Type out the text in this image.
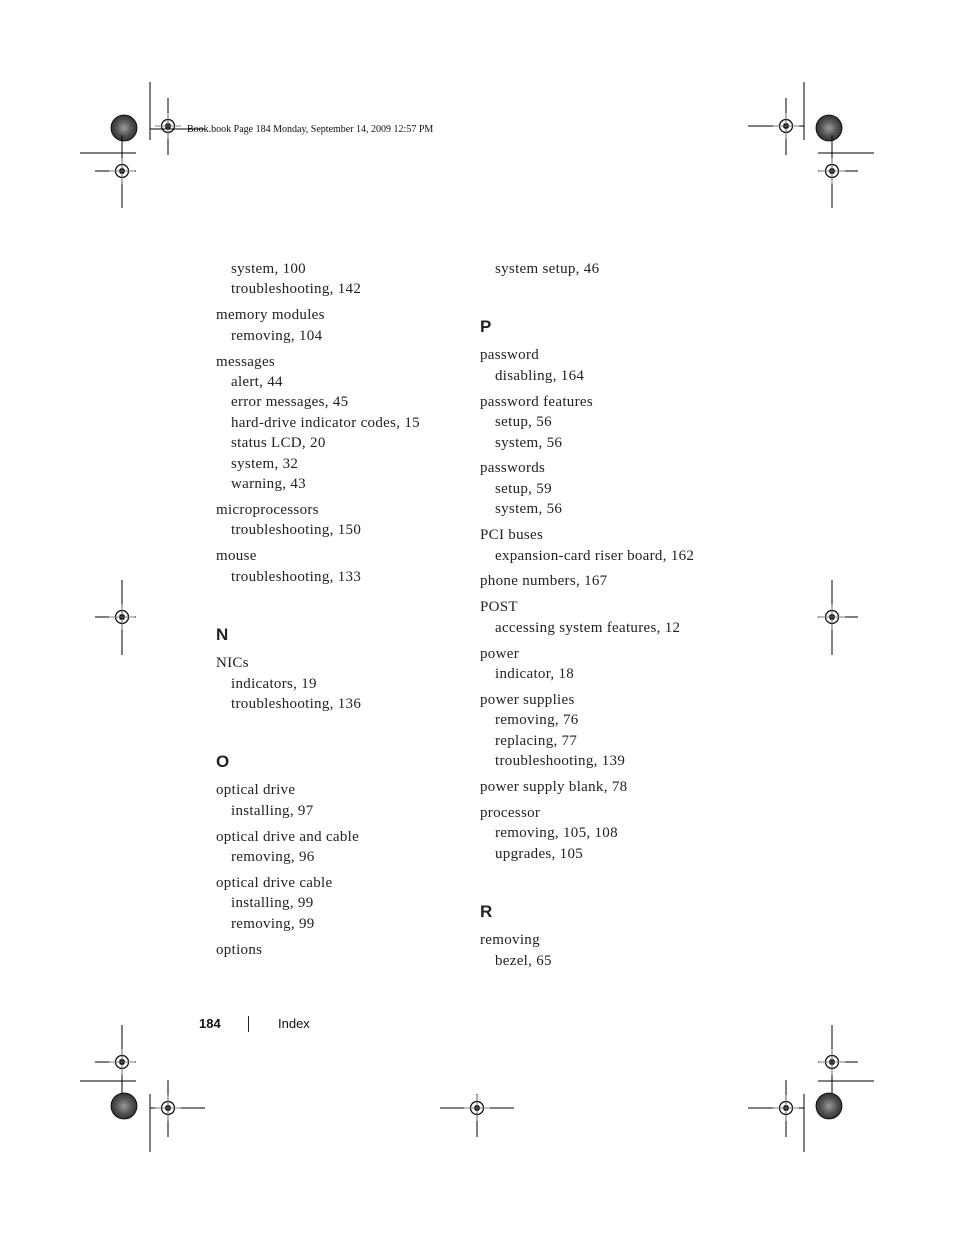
Book.book Page 184 Monday, September 14, 2009 12:57 PM
system, 100
troubleshooting, 142
memory modules
removing, 104
messages
alert, 44
error messages, 45
hard-drive indicator codes, 15
status LCD, 20
system, 32
warning, 43
microprocessors
troubleshooting, 150
mouse
troubleshooting, 133
N
NICs
indicators, 19
troubleshooting, 136
O
optical drive
installing, 97
optical drive and cable
removing, 96
optical drive cable
installing, 99
removing, 99
options
system setup, 46
P
password
disabling, 164
password features
setup, 56
system, 56
passwords
setup, 59
system, 56
PCI buses
expansion-card riser board, 162
phone numbers, 167
POST
accessing system features, 12
power
indicator, 18
power supplies
removing, 76
replacing, 77
troubleshooting, 139
power supply blank, 78
processor
removing, 105, 108
upgrades, 105
R
removing
bezel, 65
184	Index
